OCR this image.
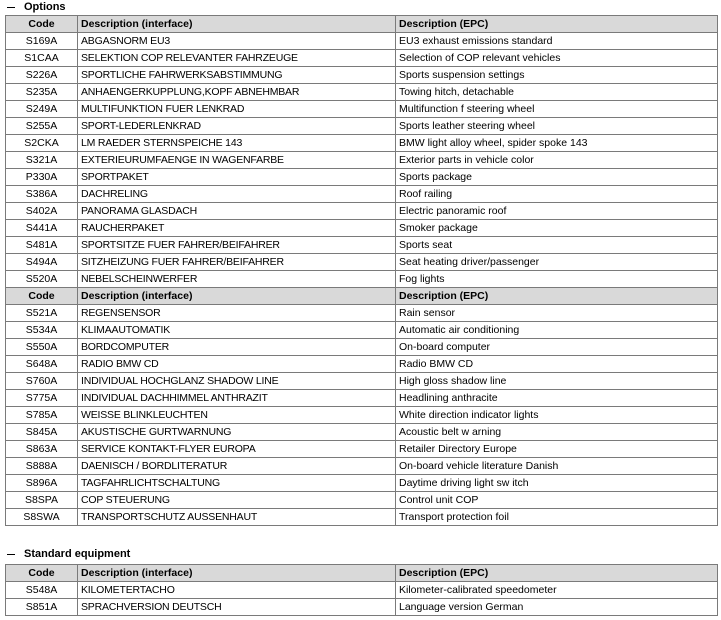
Options
Code	Description (interface)	Description (EPC)
S169A	ABGASNORM EU3	EU3 exhaust emissions standard
S1CAA	SELEKTION COP RELEVANTER FAHRZEUGE	Selection of COP relevant vehicles
S226A	SPORTLICHE FAHRWERKSABSTIMMUNG	Sports suspension settings
S235A	ANHAENGERKUPPLUNG,KOPF ABNEHMBAR	Towing hitch, detachable
S249A	MULTIFUNKTION FUER LENKRAD	Multifunction f steering wheel
S255A	SPORT-LEDERLENKRAD	Sports leather steering wheel
S2CKA	LM RAEDER STERNSPEICHE 143	BMW light alloy wheel, spider spoke 143
S321A	EXTERIEURUMFAENGE IN WAGENFARBE	Exterior parts in vehicle color
P330A	SPORTPAKET	Sports package
S386A	DACHRELING	Roof railing
S402A	PANORAMA GLASDACH	Electric panoramic roof
S441A	RAUCHERPAKET	Smoker package
S481A	SPORTSITZE FUER FAHRER/BEIFAHRER	Sports seat
S494A	SITZHEIZUNG FUER FAHRER/BEIFAHRER	Seat heating driver/passenger
S520A	NEBELSCHEINWERFER	Fog lights
Code	Description (interface)	Description (EPC)
S521A	REGENSENSOR	Rain sensor
S534A	KLIMAAUTOMATIK	Automatic air conditioning
S550A	BORDCOMPUTER	On-board computer
S648A	RADIO BMW CD	Radio BMW CD
S760A	INDIVIDUAL HOCHGLANZ SHADOW LINE	High gloss shadow line
S775A	INDIVIDUAL DACHHIMMEL ANTHRAZIT	Headlining anthracite
S785A	WEISSE BLINKLEUCHTEN	White direction indicator lights
S845A	AKUSTISCHE GURTWARNUNG	Acoustic belt w arning
S863A	SERVICE KONTAKT-FLYER EUROPA	Retailer Directory Europe
S888A	DAENISCH / BORDLITERATUR	On-board vehicle literature Danish
S896A	TAGFAHRLICHTSCHALTUNG	Daytime driving light sw itch
S8SPA	COP STEUERUNG	Control unit COP
S8SWA	TRANSPORTSCHUTZ AUSSENHAUT	Transport protection foil
Standard equipment
Code	Description (interface)	Description (EPC)
S548A	KILOMETERTACHO	Kilometer-calibrated speedometer
S851A	SPRACHVERSION DEUTSCH	Language version German
